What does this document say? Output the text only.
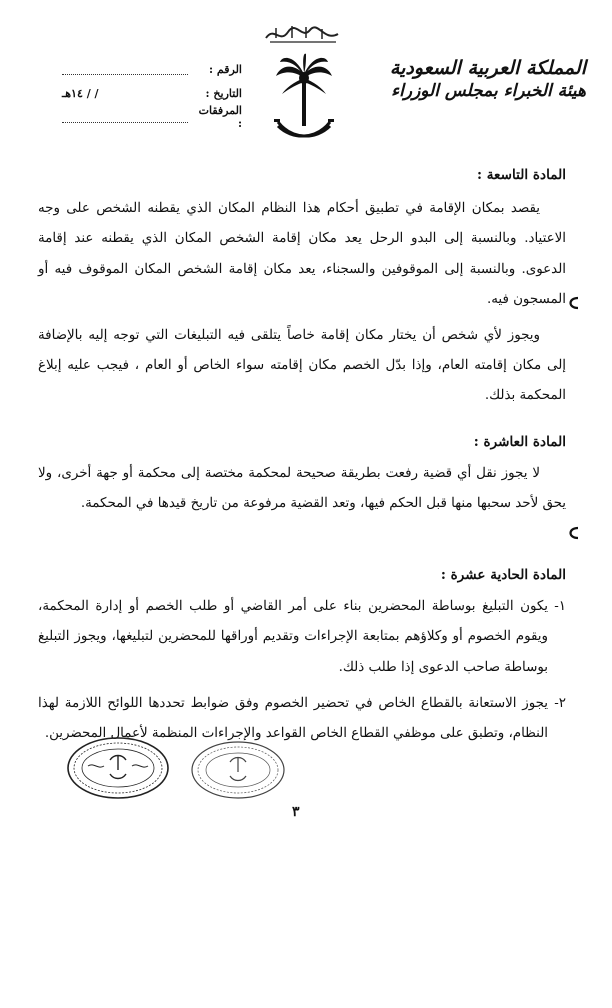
المملكة العربية السعودية
هيئة الخبراء بمجلس الوزراء
الرقم :
التاريخ :
/ / ١٤هـ
المرفقات :
المادة التاسعة :

يقصد بمكان الإقامة في تطبيق أحكام هذا النظام المكان الذي يقطنه الشخص على وجه الاعتياد. وبالنسبة إلى البدو الرحل يعد مكان إقامة الشخص المكان الذي يقطنه عند إقامة الدعوى. وبالنسبة إلى الموقوفين والسجناء، يعد مكان إقامة الشخص المكان الموقوف فيه أو المسجون فيه.

ويجوز لأي شخص أن يختار مكان إقامة خاصاً يتلقى فيه التبليغات التي توجه إليه بالإضافة إلى مكان إقامته العام، وإذا بدّل الخصم مكان إقامته سواء الخاص أو العام ، فيجب عليه إبلاغ المحكمة بذلك.

المادة العاشرة :

لا يجوز نقل أي قضية رفعت بطريقة صحيحة لمحكمة مختصة إلى محكمة أو جهة أخرى، ولا يحق لأحد سحبها منها قبل الحكم فيها، وتعد القضية مرفوعة من تاريخ قيدها في المحكمة.

المادة الحادية عشرة :
١-
يكون التبليغ بوساطة المحضرين بناء على أمر القاضي أو طلب الخصم أو إدارة المحكمة، ويقوم الخصوم أو وكلاؤهم بمتابعة الإجراءات وتقديم أوراقها للمحضرين لتبليغها، ويجوز التبليغ بوساطة صاحب الدعوى إذا طلب ذلك.
٢-
يجوز الاستعانة بالقطاع الخاص في تحضير الخصوم وفق ضوابط تحددها اللوائح اللازمة لهذا النظام، وتطبق على موظفي القطاع الخاص القواعد والإجراءات المنظمة لأعمال المحضرين.
٣
